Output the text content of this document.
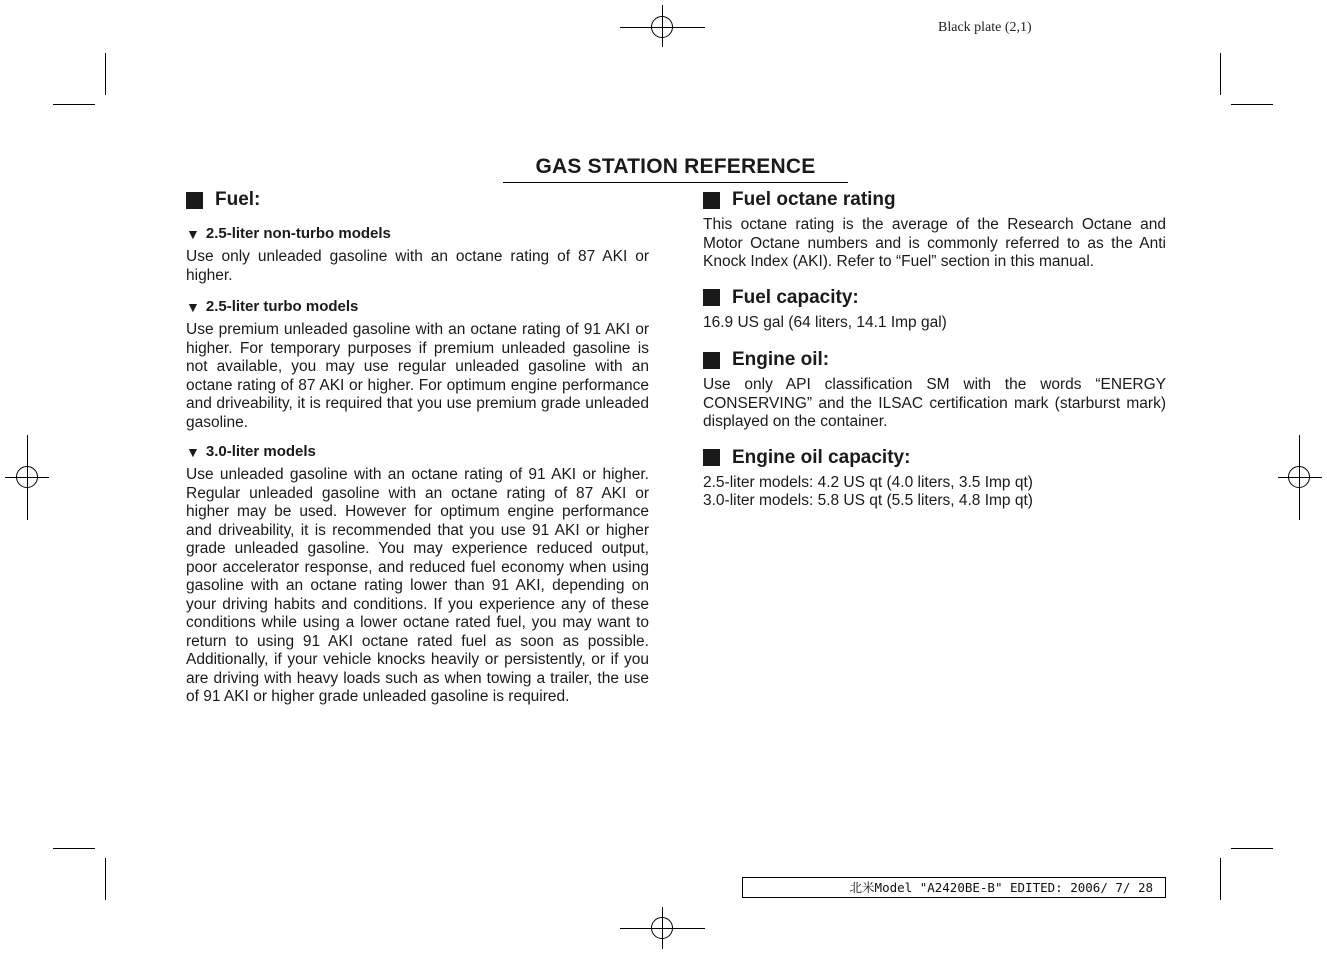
Black plate (2,1)
GAS STATION REFERENCE
Fuel:
▼ 2.5-liter non-turbo models

Use only unleaded gasoline with an octane rating of 87 AKI or higher.

▼ 2.5-liter turbo models

Use premium unleaded gasoline with an octane rating of 91 AKI or higher. For temporary purposes if premium unleaded gasoline is not available, you may use regular unleaded gasoline with an octane rating of 87 AKI or higher. For optimum engine performance and driveability, it is required that you use premium grade unleaded gasoline.

▼ 3.0-liter models

Use unleaded gasoline with an octane rating of 91 AKI or higher. Regular unleaded gasoline with an octane rating of 87 AKI or higher may be used. However for optimum engine performance and driveability, it is recommended that you use 91 AKI or higher grade unleaded gasoline. You may experience reduced output, poor accelerator response, and reduced fuel economy when using gasoline with an octane rating lower than 91 AKI, depending on your driving habits and conditions. If you experience any of these conditions while using a lower octane rated fuel, you may want to return to using 91 AKI octane rated fuel as soon as possible. Additionally, if your vehicle knocks heavily or persistently, or if you are driving with heavy loads such as when towing a trailer, the use of 91 AKI or higher grade unleaded gasoline is required.

Fuel octane rating

This octane rating is the average of the Research Octane and Motor Octane numbers and is commonly referred to as the Anti Knock Index (AKI). Refer to “Fuel” section in this manual.

Fuel capacity:

16.9 US gal (64 liters, 14.1 Imp gal)

Engine oil:

Use only API classification SM with the words “ENERGY CONSERVING” and the ILSAC certification mark (starburst mark) displayed on the container.

Engine oil capacity:
2.5-liter models: 4.2 US qt (4.0 liters, 3.5 Imp qt)
3.0-liter models: 5.8 US qt (5.5 liters, 4.8 Imp qt)
北米Model "A2420BE-B" EDITED: 2006/ 7/ 28
